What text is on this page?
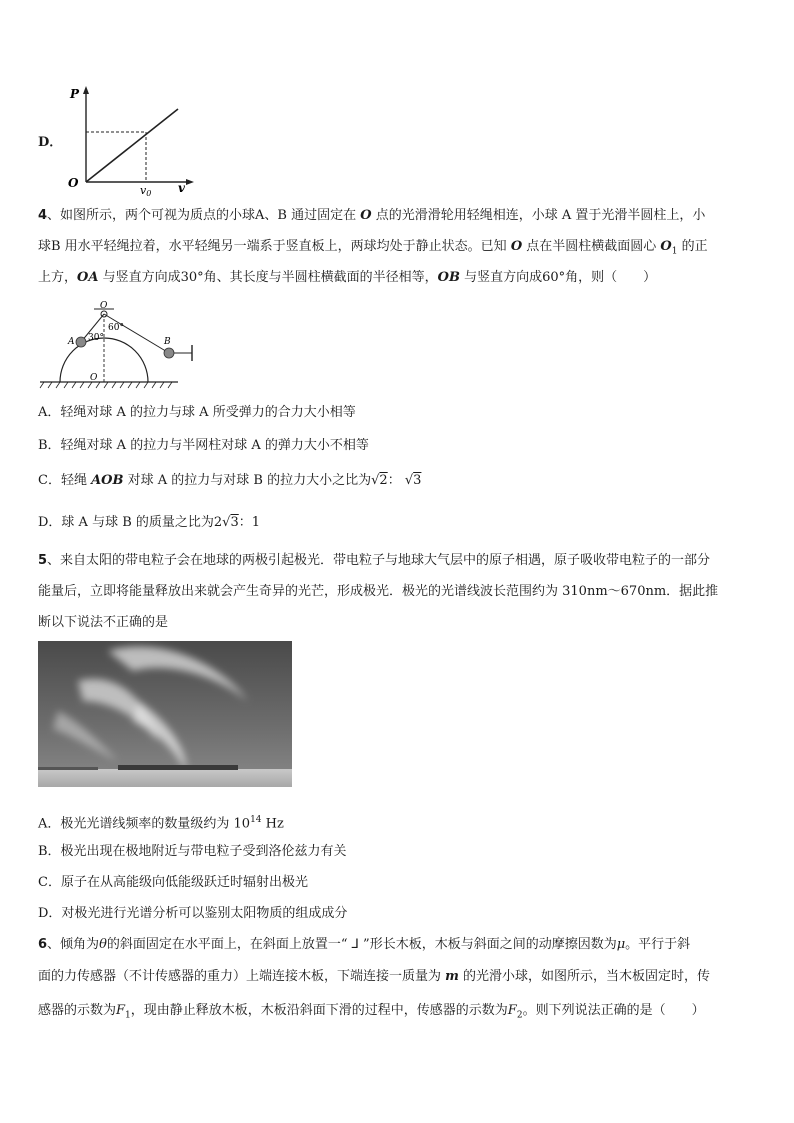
D．
P
O	v
v0
4、如图所示，两个可视为质点的小球A、B 通过固定在 O 点的光滑滑轮用轻绳相连，小球 A 置于光滑半圆柱上，小
球B 用水平轻绳拉着，水平轻绳另一端系于竖直板上，两球均处于静止状态。已知 O 点在半圆柱横截面圆心 $O_1$ 的正
上方，OA 与竖直方向成30°角、其长度与半圆柱横截面的半径相等，OB 与竖直方向成60°角，则（　　）
O
60°
30°
A	B
O
A．轻绳对球 A 的拉力与球 A 所受弹力的合力大小相等
B．轻绳对球 A 的拉力与半网柱对球 A 的弹力大小不相等
C．轻绳 AOB 对球 A 的拉力与对球 B 的拉力大小之比为√2： √3
D．球 A 与球 B 的质量之比为2√3：1
5、来自太阳的带电粒子会在地球的两极引起极光．带电粒子与地球大气层中的原子相遇，原子吸收带电粒子的一部分
能量后，立即将能量释放出来就会产生奇异的光芒，形成极光．极光的光谱线波长范围约为 310nm～670nm．据此推
断以下说法不正确的是
A．极光光谱线频率的数量级约为 $10^{14}$ Hz
B．极光出现在极地附近与带电粒子受到洛伦兹力有关
C．原子在从高能级向低能级跃迁时辐射出极光
D．对极光进行光谱分析可以鉴别太阳物质的组成成分
6、倾角为θ的斜面固定在水平面上，在斜面上放置一“ ⅃ ”形长木板，木板与斜面之间的动摩擦因数为μ。平行于斜
面的力传感器（不计传感器的重力）上端连接木板，下端连接一质量为 m 的光滑小球，如图所示，当木板固定时，传
感器的示数为$F_1$，现由静止释放木板，木板沿斜面下滑的过程中，传感器的示数为$F_2$。则下列说法正确的是（　　）
